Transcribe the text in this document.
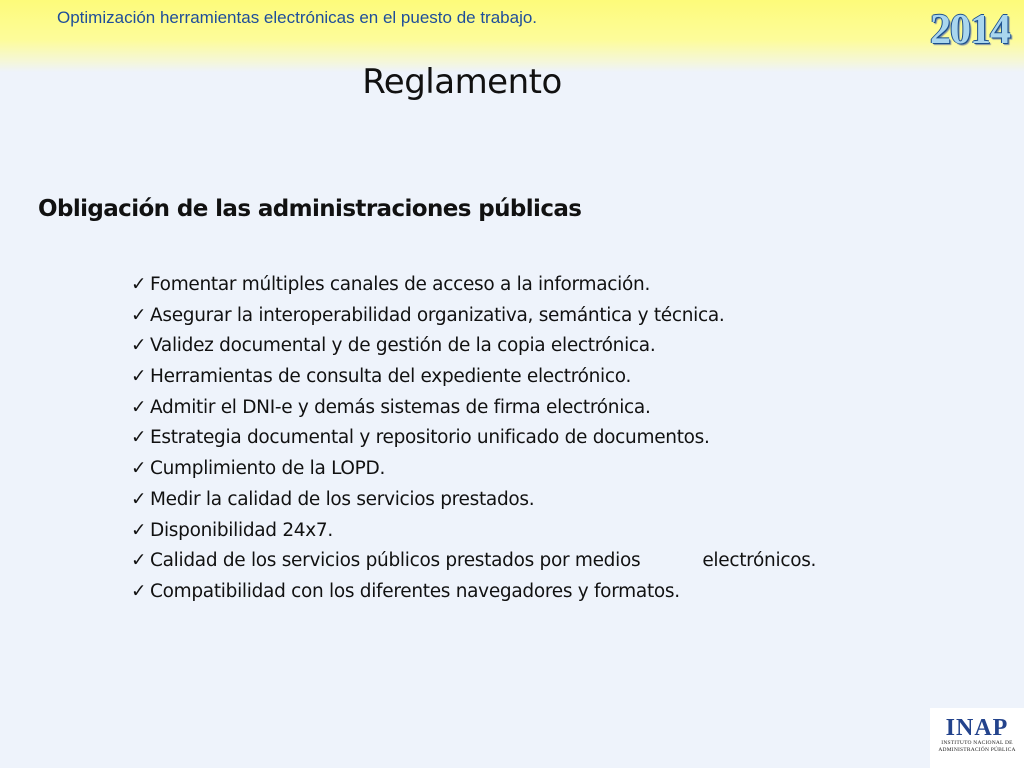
Optimización herramientas electrónicas en el puesto de trabajo.	2014
Reglamento
Obligación de las administraciones públicas
✓ Fomentar múltiples canales de acceso a la información.
✓ Asegurar la interoperabilidad organizativa, semántica y técnica.
✓ Validez documental y de gestión de la copia electrónica.
✓ Herramientas de consulta del expediente electrónico.
✓ Admitir el DNI-e y demás sistemas de firma electrónica.
✓ Estrategia documental y repositorio unificado de documentos.
✓ Cumplimiento de la LOPD.
✓ Medir la calidad de los servicios prestados.
✓ Disponibilidad 24x7.
✓ Calidad de los servicios públicos prestados por medios	electrónicos.
✓ Compatibilidad con los diferentes navegadores y formatos.
INAP
INSTITUTO NACIONAL DE
ADMINISTRACIÓN PÚBLICA
